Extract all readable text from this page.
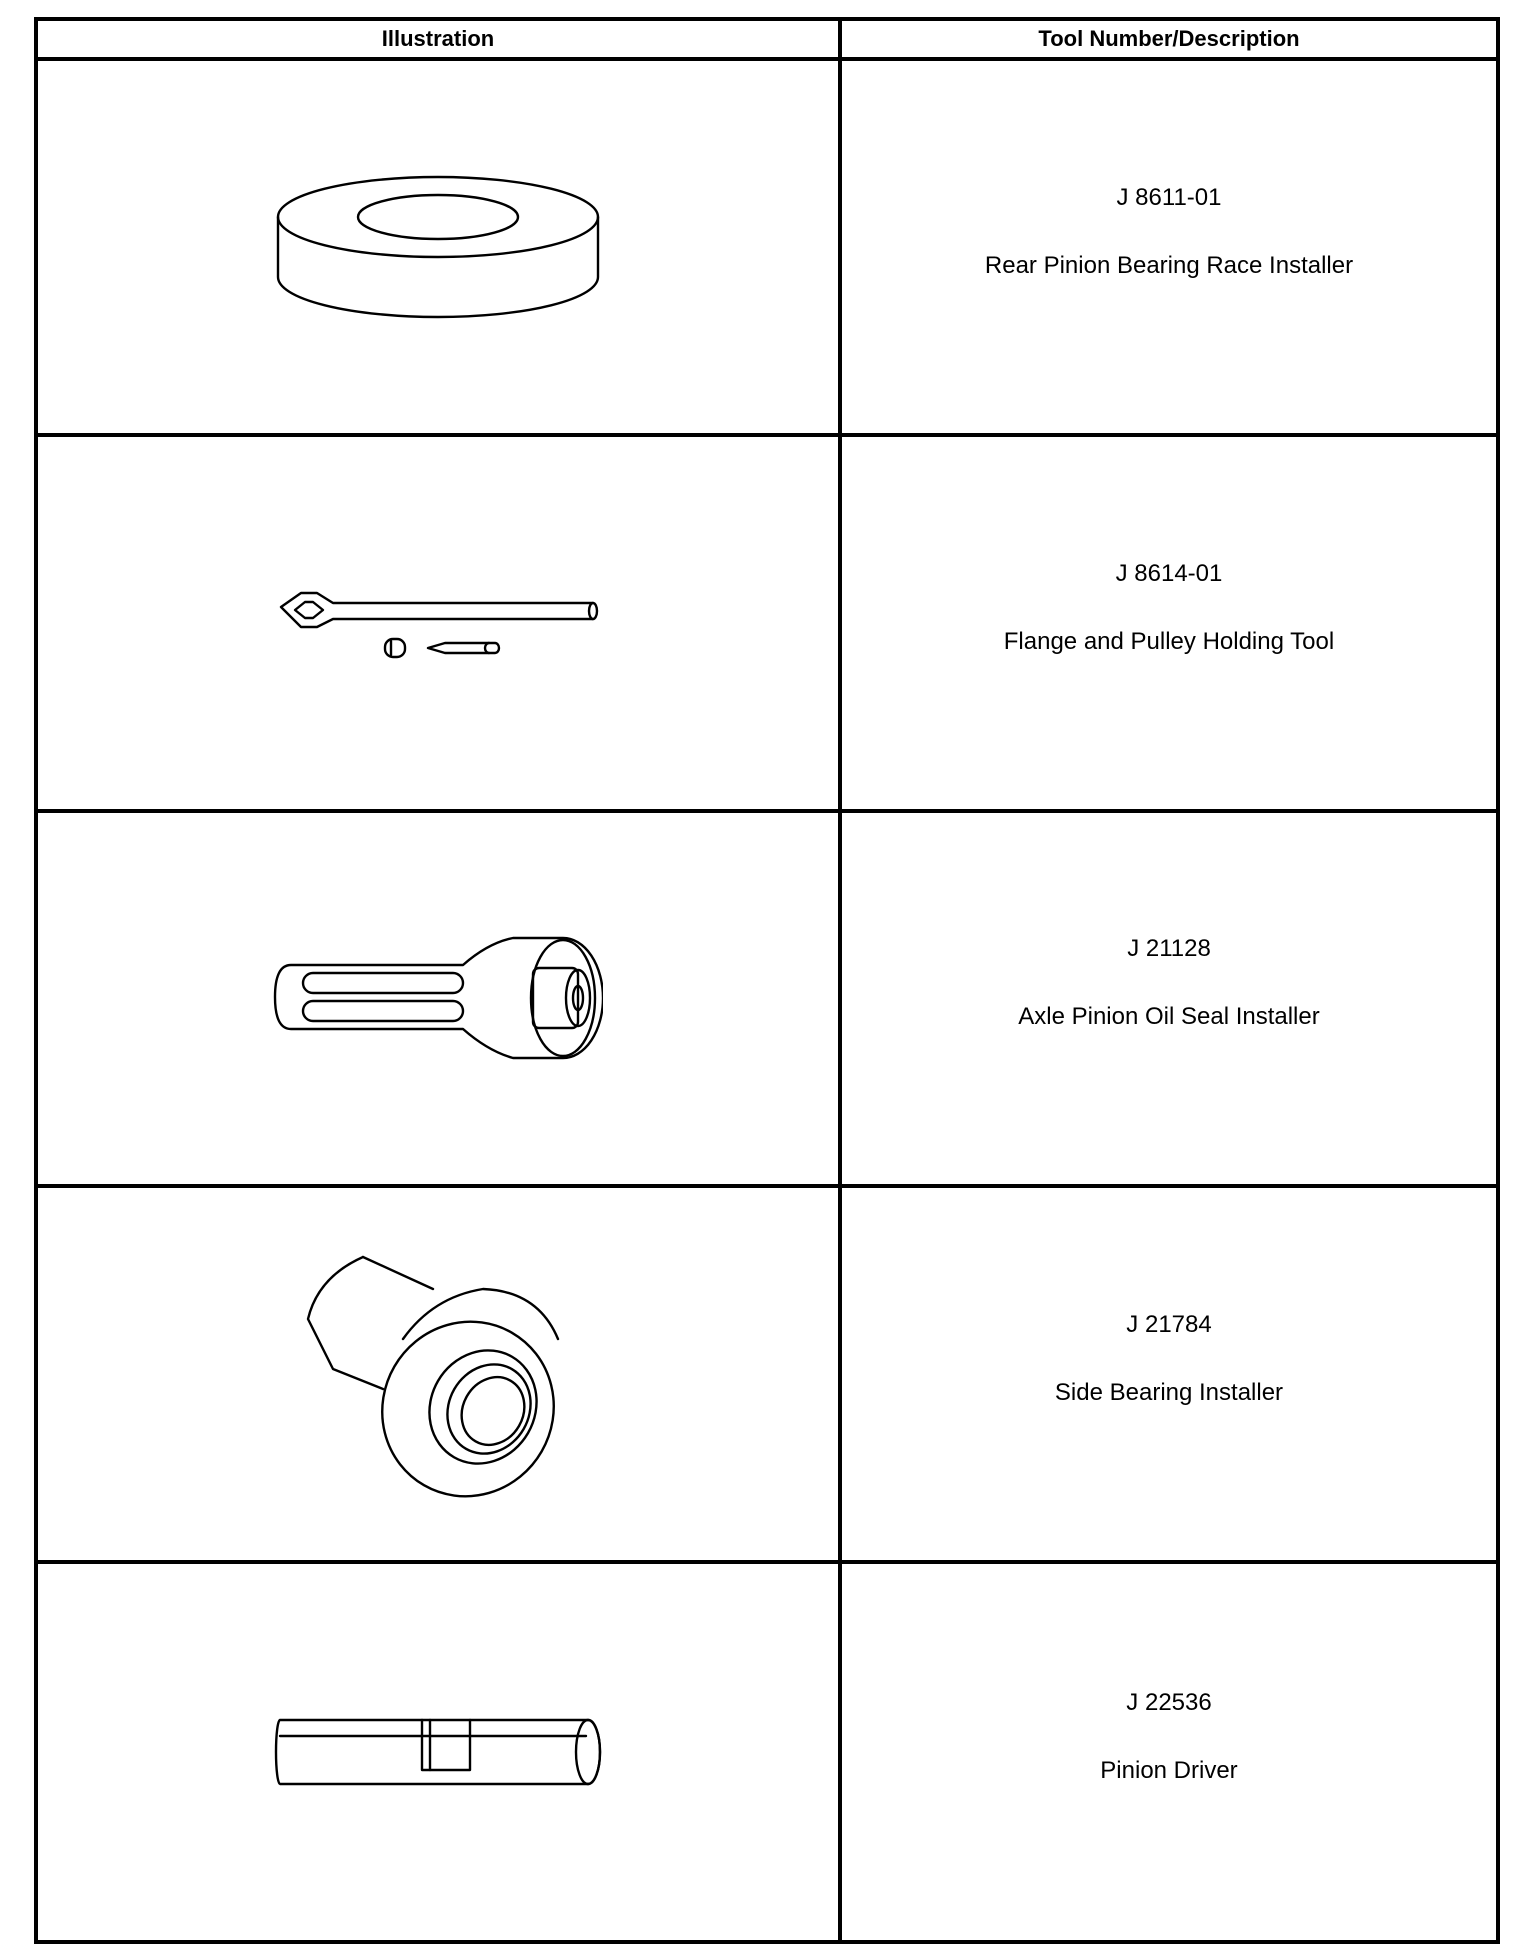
Illustration	Tool Number/Description
J 8611-01
Rear Pinion Bearing Race Installer
J 8614-01
Flange and Pulley Holding Tool
J 21128
Axle Pinion Oil Seal Installer
J 21784
Side Bearing Installer
J 22536
Pinion Driver
